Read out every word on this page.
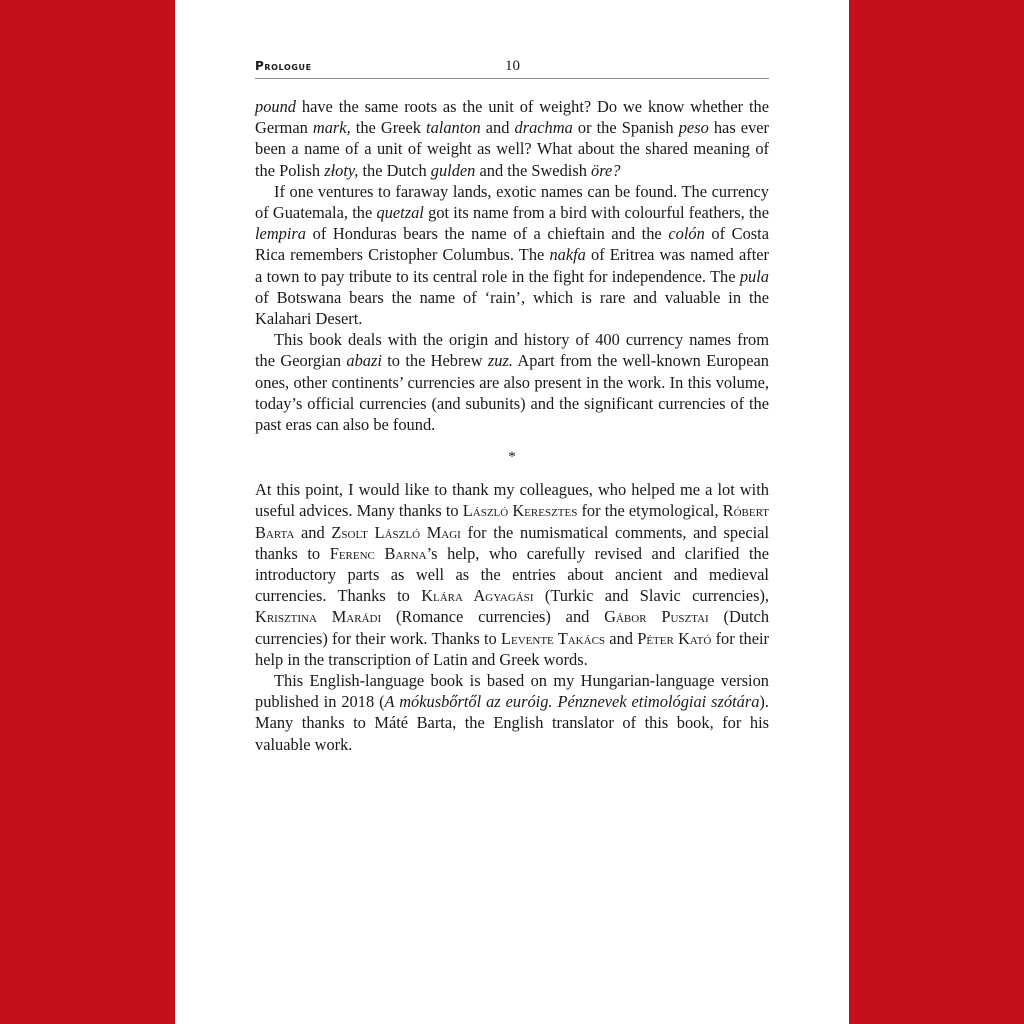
Prologue	10

pound have the same roots as the unit of weight? Do we know whether the German mark, the Greek talanton and drachma or the Spanish peso has ever been a name of a unit of weight as well? What about the shared meaning of the Polish złoty, the Dutch gulden and the Swedish öre?

If one ventures to faraway lands, exotic names can be found. The currency of Guatemala, the quetzal got its name from a bird with colourful feathers, the lempira of Honduras bears the name of a chieftain and the colón of Costa Rica remembers Cristopher Columbus. The nakfa of Eritrea was named after a town to pay tribute to its central role in the fight for independence. The pula of Botswana bears the name of ‘rain’, which is rare and valuable in the Kalahari Desert.

This book deals with the origin and history of 400 currency names from the Georgian abazi to the Hebrew zuz. Apart from the well-known European ones, other continents’ currencies are also present in the work. In this volume, today’s official currencies (and subunits) and the significant currencies of the past eras can also be found.

*

At this point, I would like to thank my colleagues, who helped me a lot with useful advices. Many thanks to László Keresztes for the etymological, Róbert Barta and Zsolt László Magi for the numismatical comments, and special thanks to Ferenc Barna’s help, who carefully revised and clarified the introductory parts as well as the entries about ancient and medieval currencies. Thanks to Klára Agyagási (Turkic and Slavic currencies), Krisztina Marádi (Romance currencies) and Gábor Pusztai (Dutch currencies) for their work. Thanks to Levente Takács and Péter Kató for their help in the transcription of Latin and Greek words.

This English-language book is based on my Hungarian-language version published in 2018 (A mókusbőrtől az euróig. Pénznevek etimológiai szótára). Many thanks to Máté Barta, the English translator of this book, for his valuable work.
